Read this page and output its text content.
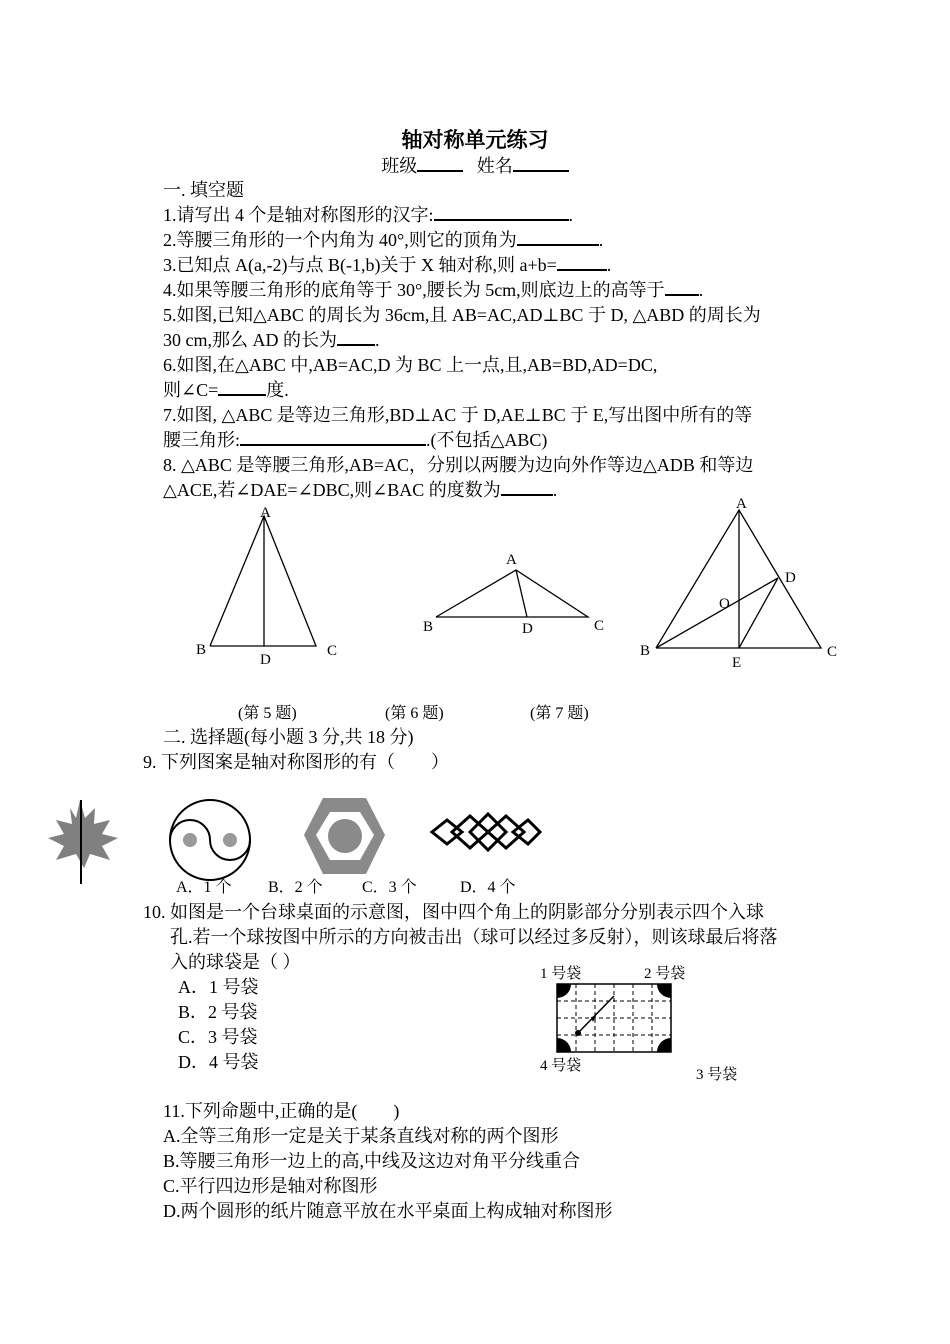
轴对称单元练习
班级	姓名
一. 填空题
1.请写出 4 个是轴对称图形的汉字:	.
2.等腰三角形的一个内角为 40°,则它的顶角为	.
3.已知点 A(a,-2)与点 B(-1,b)关于 X 轴对称,则 a+b=	.
4.如果等腰三角形的底角等于 30°,腰长为 5cm,则底边上的高等于 .
5.如图,已知△ABC 的周长为 36cm,且 AB=AC,AD⊥BC 于 D, △ABD 的周长为
30 cm,那么 AD 的长为 .
6.如图,在△ABC 中,AB=AC,D 为 BC 上一点,且,AB=BD,AD=DC,
则∠C=	度.
7.如图, △ABC 是等边三角形,BD⊥AC 于 D,AE⊥BC 于 E,写出图中所有的等
腰三角形:	.(不包括△ABC)
8. △ABC 是等腰三角形,AB=AC，分别以两腰为边向外作等边△ADB 和等边
△ACE,若∠DAE=∠DBC,则∠BAC 的度数为	.
A
B	C
D
A
B	C
D
A
B	C
D
E
O
(第 5 题)	(第 6 题)	(第 7 题)
二. 选择题(每小题 3 分,共 18 分)
9. 下列图案是轴对称图形的有（　　）
A．1 个 B．2 个 C．3 个	D．4 个
10. 如图是一个台球桌面的示意图，图中四个角上的阴影部分分别表示四个入球
孔.若一个球按图中所示的方向被击出（球可以经过多反射），则该球最后将落
入的球袋是（ ）
A．1 号袋
B．2 号袋
C．3 号袋
D．4 号袋
1 号袋	2 号袋
3 号袋
4 号袋
11.下列命题中,正确的是(　　)
A.全等三角形一定是关于某条直线对称的两个图形
B.等腰三角形一边上的高,中线及这边对角平分线重合
C.平行四边形是轴对称图形
D.两个圆形的纸片随意平放在水平桌面上构成轴对称图形
